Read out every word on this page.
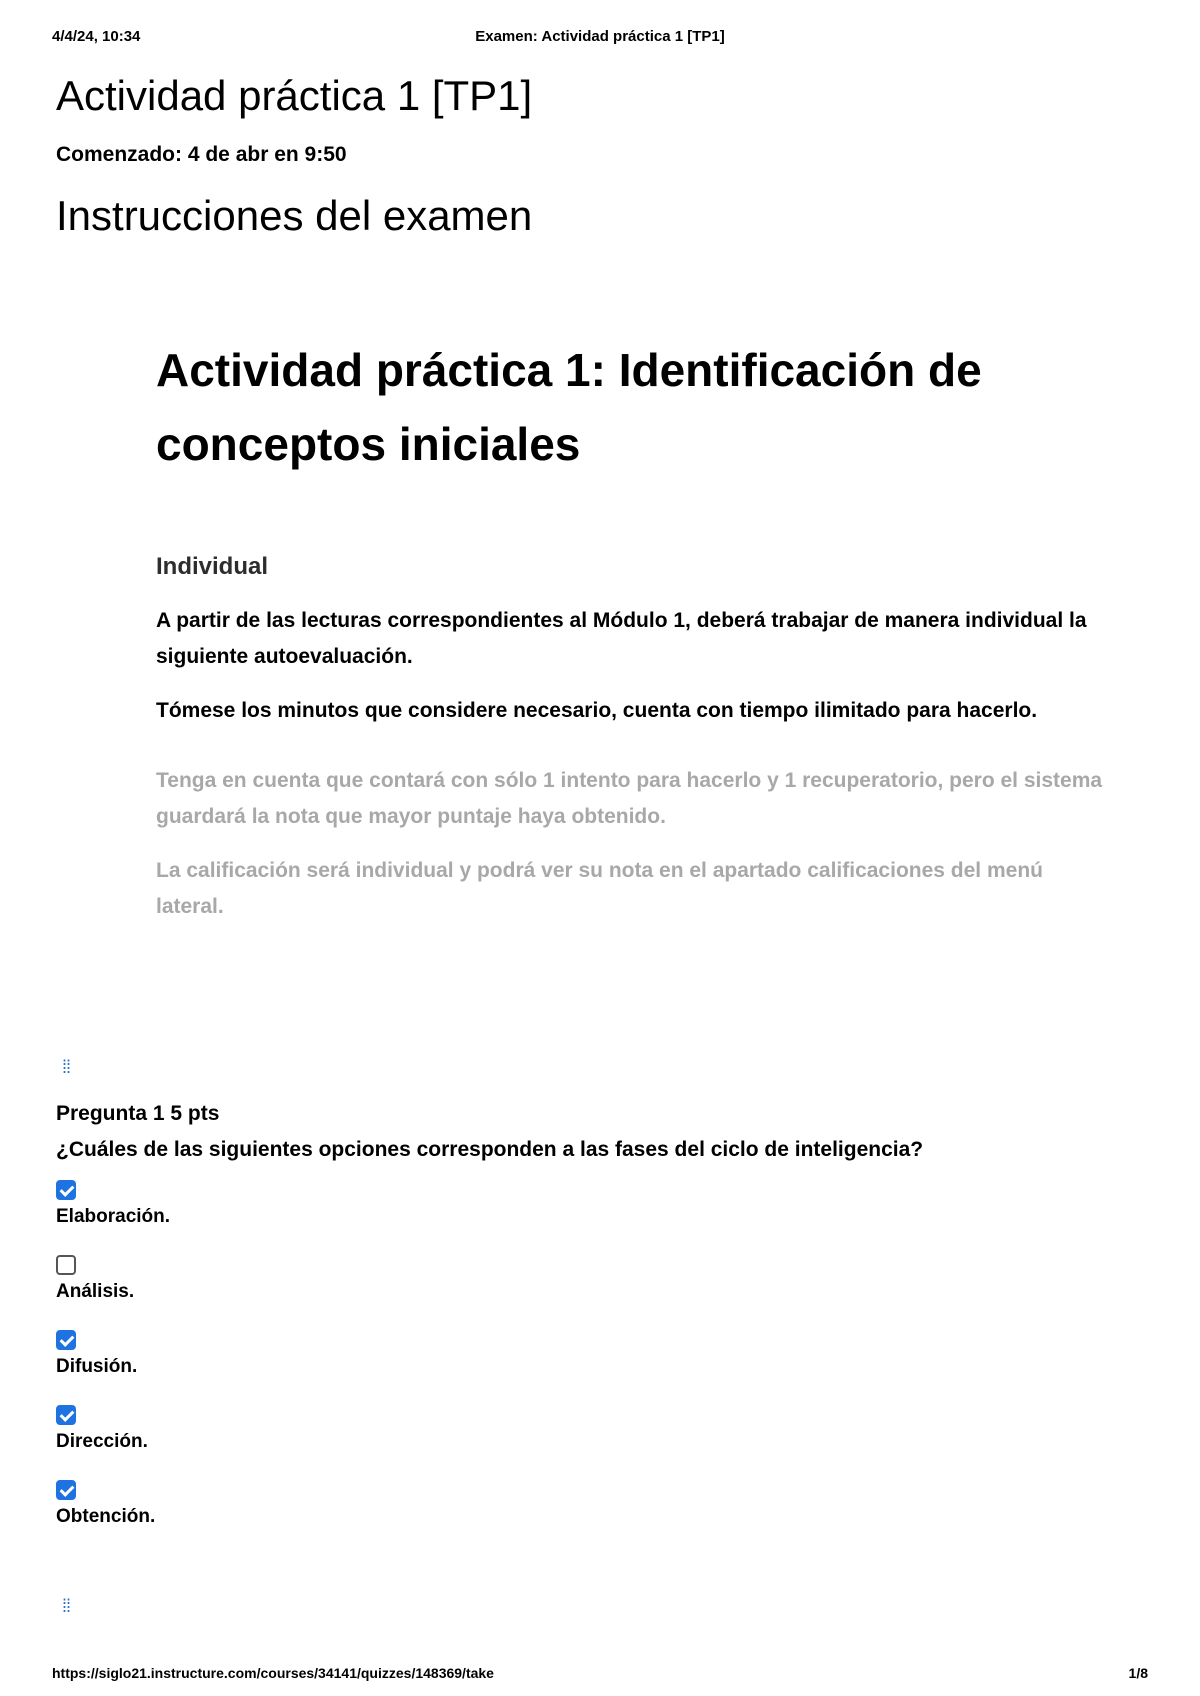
4/4/24, 10:34	Examen: Actividad práctica 1 [TP1]
Actividad práctica 1 [TP1]
Comenzado: 4 de abr en 9:50
Instrucciones del examen
Actividad práctica 1: Identificación de conceptos iniciales
Individual

A partir de las lecturas correspondientes al Módulo 1, deberá trabajar de manera individual la siguiente autoevaluación.

Tómese los minutos que considere necesario, cuenta con tiempo ilimitado para hacerlo.

Tenga en cuenta que contará con sólo 1 intento para hacerlo y 1 recuperatorio, pero el sistema guardará la nota que mayor puntaje haya obtenido.

La calificación será individual y podrá ver su nota en el apartado calificaciones del menú lateral.

⁞⁞
Pregunta 1 5 pts
¿Cuáles de las siguientes opciones corresponden a las fases del ciclo de inteligencia?
Elaboración.
Análisis.
Difusión.
Dirección.
Obtención.
⁞⁞
https://siglo21.instructure.com/courses/34141/quizzes/148369/take	1/8
